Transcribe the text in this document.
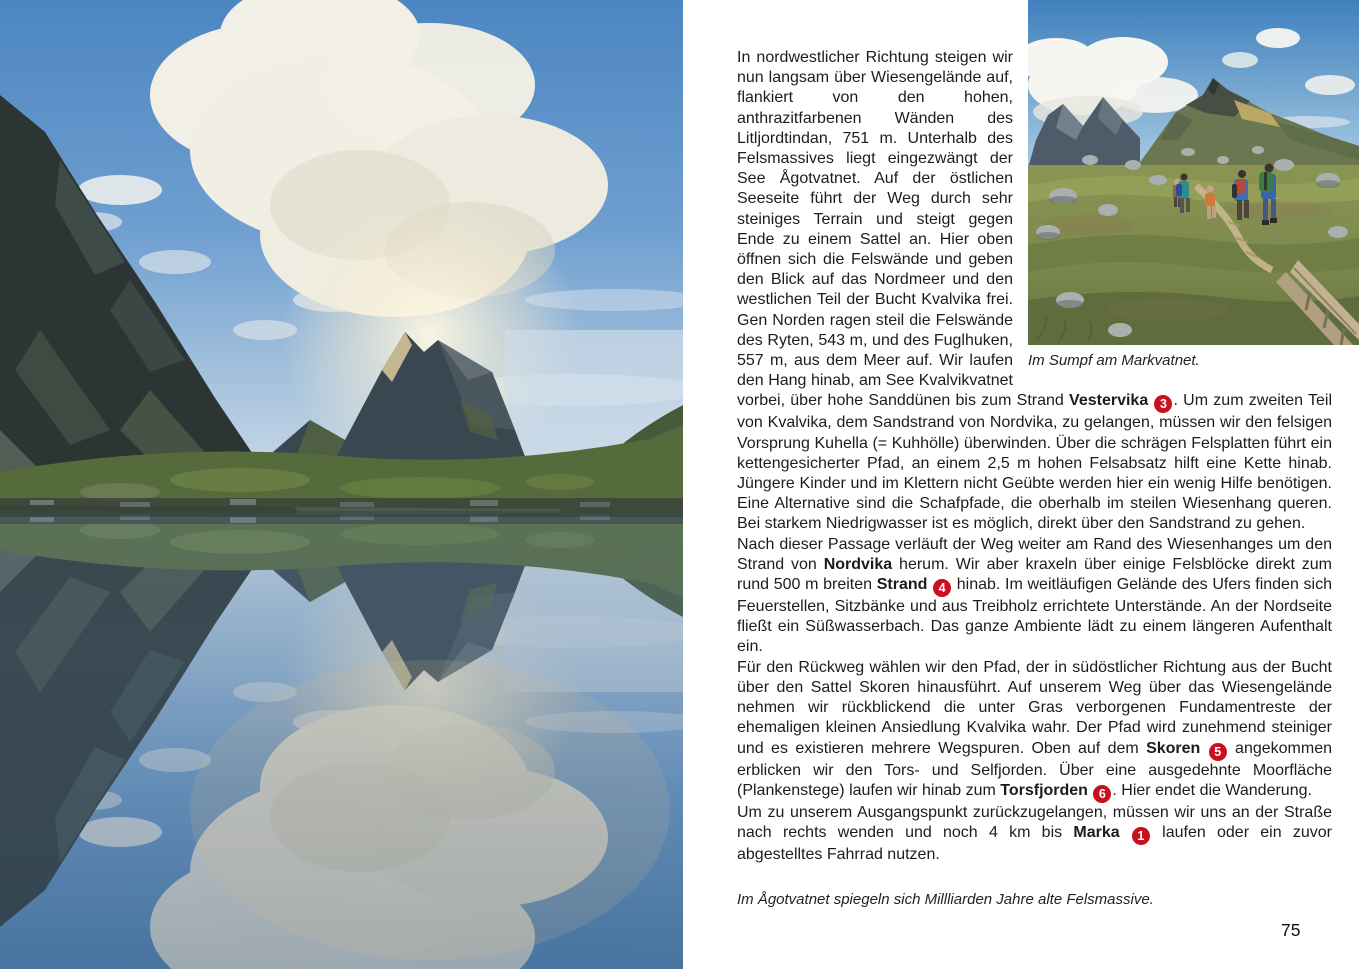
Im Sumpf am Markvatnet.

In nordwestlicher Richtung steigen wir nun langsam über Wiesengelände auf, flankiert von den hohen, anthrazitfarbenen Wänden des Litljordtindan, 751 m. Unterhalb des Felsmassives liegt eingezwängt der See Ågotvatnet. Auf der östlichen Seeseite führt der Weg durch sehr steiniges Terrain und steigt gegen Ende zu einem Sattel an. Hier oben öffnen sich die Felswände und geben den Blick auf das Nordmeer und den westlichen Teil der Bucht Kvalvika frei. Gen Norden ragen steil die Felswände des Ryten, 543 m, und des Fuglhuken, 557 m, aus dem Meer auf. Wir laufen den Hang hinab, am See Kvalvikvatnet vorbei, über hohe Sanddünen bis zum Strand Vestervika 3 . Um zum zweiten Teil von Kvalvika, dem Sandstrand von Nordvika, zu gelangen, müssen wir den felsigen Vorsprung Kuhella (= Kuhhölle) überwinden. Über die schrägen Felsplatten führt ein kettengesicherter Pfad, an einem 2,5 m hohen Felsabsatz hilft eine Kette hinab. Jüngere Kinder und im Klettern nicht Geübte werden hier ein wenig Hilfe benötigen. Eine Alternative sind die Schafpfade, die oberhalb im steilen Wiesenhang queren. Bei starkem Niedrigwasser ist es möglich, direkt über den Sandstrand zu gehen.

Nach dieser Passage verläuft der Weg weiter am Rand des Wiesenhanges um den Strand von Nordvika herum. Wir aber kraxeln über einige Felsblöcke direkt zum rund 500 m breiten Strand 4 hinab. Im weitläufigen Gelände des Ufers finden sich Feuerstellen, Sitzbänke und aus Treibholz errichtete Unterstände. An der Nordseite fließt ein Süßwasserbach. Das ganze Ambiente lädt zu einem längeren Aufenthalt ein.

Für den Rückweg wählen wir den Pfad, der in südöstlicher Richtung aus der Bucht über den Sattel Skoren hinausführt. Auf unserem Weg über das Wiesengelände nehmen wir rückblickend die unter Gras verborgenen Fundamentreste der ehemaligen kleinen Ansiedlung Kvalvika wahr. Der Pfad wird zunehmend steiniger und es existieren mehrere Wegspuren. Oben auf dem Skoren 5 angekommen erblicken wir den Tors- und Selfjorden. Über eine ausgedehnte Moorfläche (Plankenstege) laufen wir hinab zum Torsfjorden 6 . Hier endet die Wanderung.

Um zu unserem Ausgangspunkt zurückzugelangen, müssen wir uns an der Straße nach rechts wenden und noch 4 km bis Marka 1 laufen oder ein zuvor abgestelltes Fahrrad nutzen.

Im Ågotvatnet spiegeln sich Millliarden Jahre alte Felsmassive.
75
